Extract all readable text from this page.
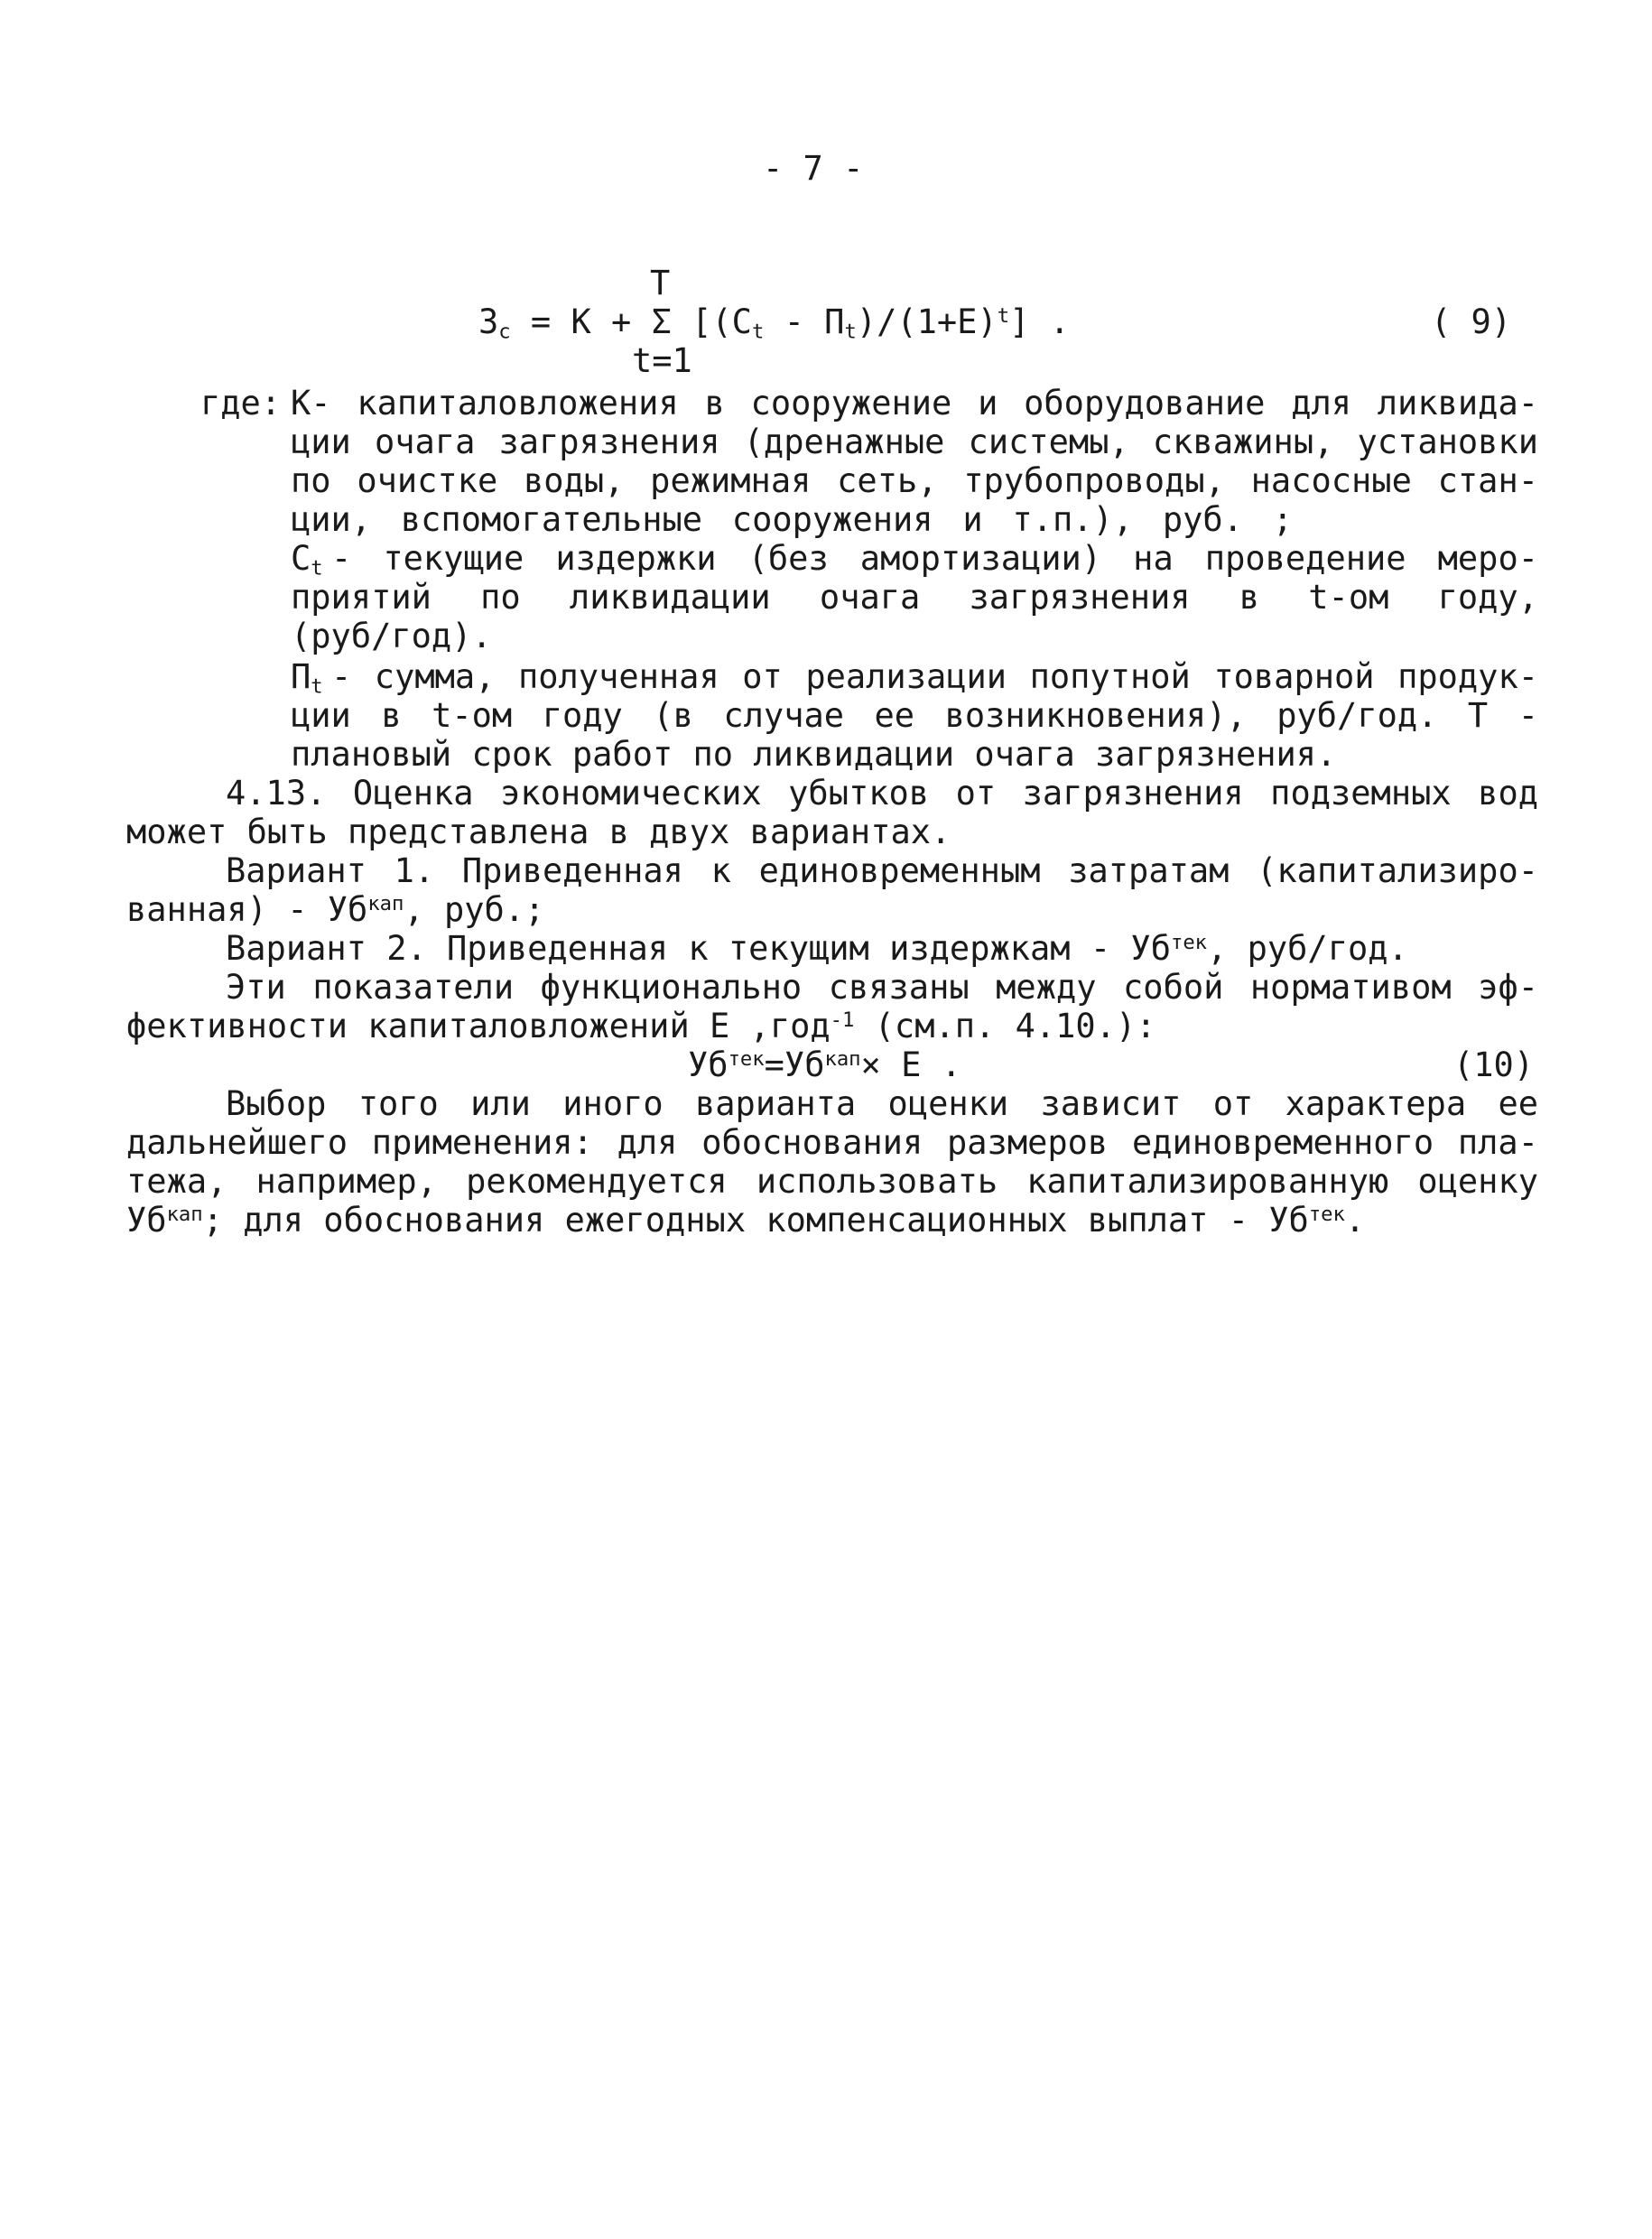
- 7 -
T
$З_c = K + \Sigma$ $[(C_t - П_t)/(1+E)^t]$ .
t=1
( 9)
где: K- капиталовложения в сооружение и оборудование для ликвида-
ции очага загрязнения (дренажные системы, скважины, установки
по очистке воды, режимная сеть, трубопроводы, насосные стан-
ции, вспомогательные сооружения и т.п.), руб. ;
$C_t$ - текущие издержки (без амортизации) на проведение меро-
приятий по ликвидации очага загрязнения в t-ом году,
(руб/год).
$П_t$ - сумма, полученная от реализации попутной товарной продук-
ции в t-ом году (в случае ее возникновения), руб/год. T -
плановый срок работ по ликвидации очага загрязнения.
4.13. Оценка экономических убытков от загрязнения подземных вод
может быть представлена в двух вариантах.
Вариант 1. Приведенная к единовременным затратам (капитализиро-
ванная) - $Уб^{кап}$, руб.;
Вариант 2. Приведенная к текущим издержкам - $Уб^{тек}$, руб/год.
Эти показатели функционально связаны между собой нормативом эф-
фективности капиталовложений E ,год$^{-1}$ (см.п. 4.10.):
$Уб^{тек}=Уб^{кап}\times E$ .	(10)
Выбор того или иного варианта оценки зависит от характера ее
дальнейшего применения: для обоснования размеров единовременного пла-
тежа, например, рекомендуется использовать капитализированную оценку
$Уб^{кап}$; для обоснования ежегодных компенсационных выплат - $Уб^{тек}$.
